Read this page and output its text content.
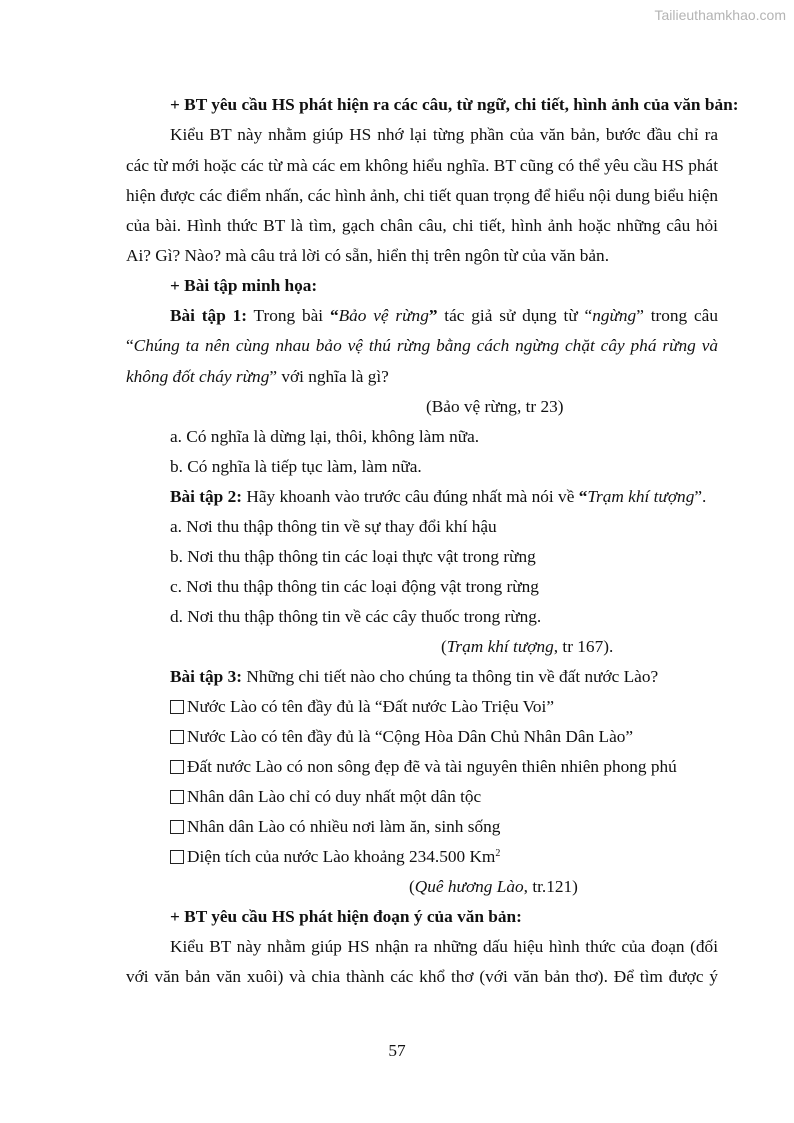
Tailieuthamkhao.com
+ BT yêu cầu HS phát hiện ra các câu, từ ngữ, chi tiết, hình ảnh của văn bản:
Kiểu BT này nhằm giúp HS nhớ lại từng phần của văn bản, bước đầu chỉ ra
các từ mới hoặc các từ mà các em không hiểu nghĩa. BT cũng có thể yêu cầu HS phát
hiện được các điểm nhấn, các hình ảnh, chi tiết quan trọng để hiểu nội dung biểu hiện
của bài. Hình thức BT là tìm, gạch chân câu, chi tiết, hình ảnh hoặc những câu hỏi
Ai? Gì? Nào? mà câu trả lời có sẵn, hiển thị trên ngôn từ của văn bản.
+ Bài tập minh họa:
Bài tập 1: Trong bài “Bảo vệ rừng” tác giả sử dụng từ “ngừng” trong câu
“Chúng ta nên cùng nhau bảo vệ thú rừng bằng cách ngừng chặt cây phá rừng và
không đốt cháy rừng” với nghĩa là gì?
(Bảo vệ rừng, tr 23)
a. Có nghĩa là dừng lại, thôi, không làm nữa.
b. Có nghĩa là tiếp tục làm, làm nữa.
Bài tập 2: Hãy khoanh vào trước câu đúng nhất mà nói về “Trạm khí tượng”.
a. Nơi thu thập thông tin về sự thay đổi khí hậu
b. Nơi thu thập thông tin các loại thực vật trong rừng
c. Nơi thu thập thông tin các loại động vật trong rừng
d. Nơi thu thập thông tin về các cây thuốc trong rừng.
(Trạm khí tượng, tr 167).
Bài tập 3: Những chi tiết nào cho chúng ta thông tin về đất nước Lào?
Nước Lào có tên đầy đủ là “Đất nước Lào Triệu Voi”
Nước Lào có tên đầy đủ là “Cộng Hòa Dân Chủ Nhân Dân Lào”
Đất nước Lào có non sông đẹp đẽ và tài nguyên thiên nhiên phong phú
Nhân dân Lào chỉ có duy nhất một dân tộc
Nhân dân Lào có nhiều nơi làm ăn, sinh sống
Diện tích của nước Lào khoảng 234.500 Km$^2$
(Quê hương Lào, tr.121)
+ BT yêu cầu HS phát hiện đoạn ý của văn bản:
Kiểu BT này nhằm giúp HS nhận ra những dấu hiệu hình thức của đoạn (đối
với văn bản văn xuôi) và chia thành các khổ thơ (với văn bản thơ). Để tìm được ý
57
